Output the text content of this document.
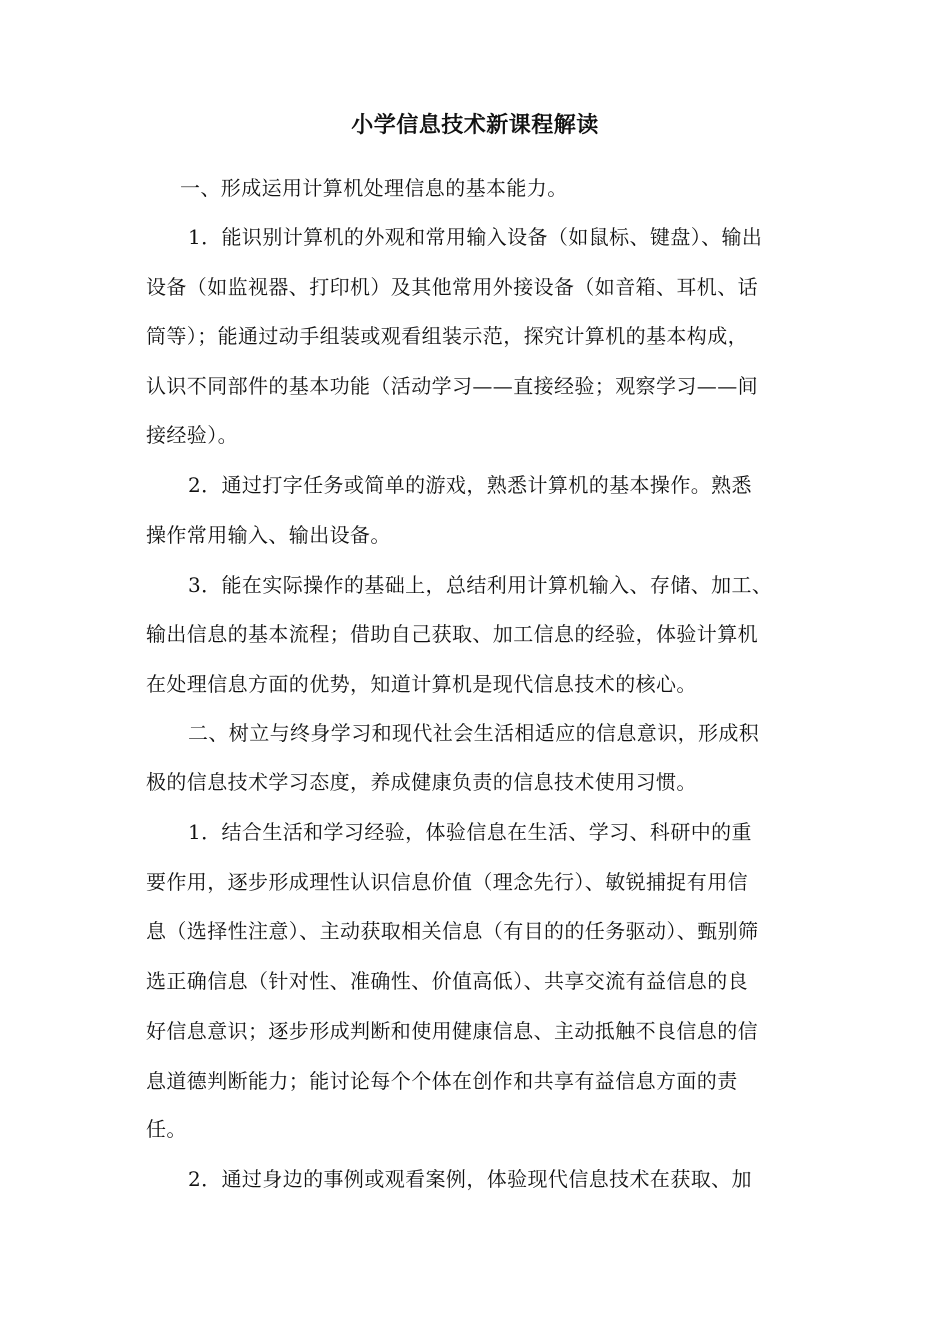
小学信息技术新课程解读

一、形成运用计算机处理信息的基本能力。

1．能识别计算机的外观和常用输入设备（如鼠标、键盘）、输出

设备（如监视器、打印机）及其他常用外接设备（如音箱、耳机、话

筒等）；能通过动手组装或观看组装示范，探究计算机的基本构成，

认识不同部件的基本功能（活动学习——直接经验；观察学习——间

接经验）。

2．通过打字任务或简单的游戏，熟悉计算机的基本操作。熟悉

操作常用输入、输出设备。

3．能在实际操作的基础上，总结利用计算机输入、存储、加工、

输出信息的基本流程；借助自己获取、加工信息的经验，体验计算机

在处理信息方面的优势，知道计算机是现代信息技术的核心。

二、树立与终身学习和现代社会生活相适应的信息意识，形成积

极的信息技术学习态度，养成健康负责的信息技术使用习惯。

1．结合生活和学习经验，体验信息在生活、学习、科研中的重

要作用，逐步形成理性认识信息价值（理念先行）、敏锐捕捉有用信

息（选择性注意）、主动获取相关信息（有目的的任务驱动）、甄别筛

选正确信息（针对性、准确性、价值高低）、共享交流有益信息的良

好信息意识；逐步形成判断和使用健康信息、主动抵触不良信息的信

息道德判断能力；能讨论每个个体在创作和共享有益信息方面的责

任。

2．通过身边的事例或观看案例，体验现代信息技术在获取、加
